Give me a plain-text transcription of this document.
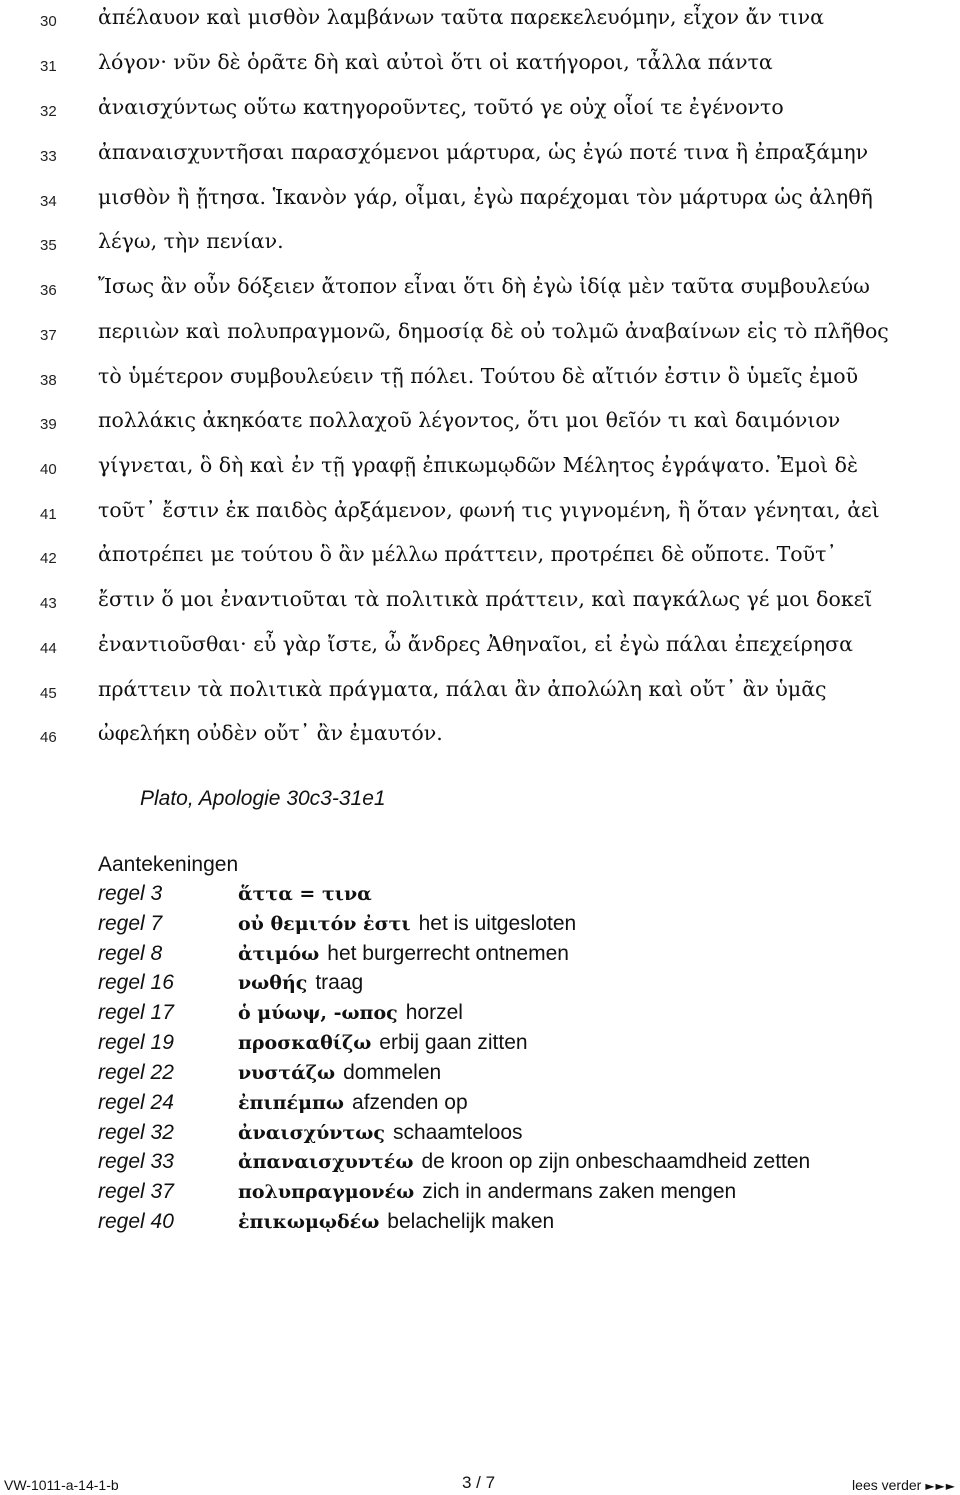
30	ἀπέλαυον καὶ μισθὸν λαμβάνων ταῦτα παρεκελευόμην, εἶχον ἄν τινα
31	λόγον· νῦν δὲ ὁρᾶτε δὴ καὶ αὐτοὶ ὅτι οἱ κατήγοροι, τἆλλα πάντα
32	ἀναισχύντως οὕτω κατηγοροῦντες, τοῦτό γε οὐχ οἷοί τε ἐγένοντο
33	ἀπαναισχυντῆσαι παρασχόμενοι μάρτυρα, ὡς ἐγώ ποτέ τινα ἢ ἐπραξάμην
34	μισθὸν ἢ ᾔτησα. Ἱκανὸν γάρ, οἶμαι, ἐγὼ παρέχομαι τὸν μάρτυρα ὡς ἀληθῆ
35	λέγω, τὴν πενίαν.
36	Ἴσως ἂν οὖν δόξειεν ἄτοπον εἶναι ὅτι δὴ ἐγὼ ἰδίᾳ μὲν ταῦτα συμβουλεύω
37	περιιὼν καὶ πολυπραγμονῶ, δημοσίᾳ δὲ οὐ τολμῶ ἀναβαίνων εἰς τὸ πλῆθος
38	τὸ ὑμέτερον συμβουλεύειν τῇ πόλει. Τούτου δὲ αἴτιόν ἐστιν ὃ ὑμεῖς ἐμοῦ
39	πολλάκις ἀκηκόατε πολλαχοῦ λέγοντος, ὅτι μοι θεῖόν τι καὶ δαιμόνιον
40	γίγνεται, ὃ δὴ καὶ ἐν τῇ γραφῇ ἐπικωμῳδῶν Μέλητος ἐγράψατο. Ἐμοὶ δὲ
41	τοῦτ᾽ ἔστιν ἐκ παιδὸς ἀρξάμενον, φωνή τις γιγνομένη, ἣ ὅταν γένηται, ἀεὶ
42	ἀποτρέπει με τούτου ὃ ἂν μέλλω πράττειν, προτρέπει δὲ οὔποτε. Τοῦτ᾽
43	ἔστιν ὅ μοι ἐναντιοῦται τὰ πολιτικὰ πράττειν, καὶ παγκάλως γέ μοι δοκεῖ
44	ἐναντιοῦσθαι· εὖ γὰρ ἴστε, ὦ ἄνδρες Ἀθηναῖοι, εἰ ἐγὼ πάλαι ἐπεχείρησα
45	πράττειν τὰ πολιτικὰ πράγματα, πάλαι ἂν ἀπολώλη καὶ οὔτ᾽ ἂν ὑμᾶς
46	ὠφελήκη οὐδὲν οὔτ᾽ ἂν ἐμαυτόν.
Plato, Apologie 30c3-31e1
Aantekeningen
regel 3	ἅττα = τινα
regel 7	οὐ θεμιτόν ἐστι het is uitgesloten
regel 8	ἀτιμόω het burgerrecht ontnemen
regel 16	νωθής traag
regel 17	ὁ μύωψ, -ωπος horzel
regel 19	προσκαθίζω erbij gaan zitten
regel 22	νυστάζω dommelen
regel 24	ἐπιπέμπω afzenden op
regel 32	ἀναισχύντως schaamteloos
regel 33	ἀπαναισχυντέω de kroon op zijn onbeschaamdheid zetten
regel 37	πολυπραγμονέω zich in andermans zaken mengen
regel 40	ἐπικωμῳδέω belachelijk maken
VW-1011-a-14-1-b	3 / 7	lees verder ►►►
